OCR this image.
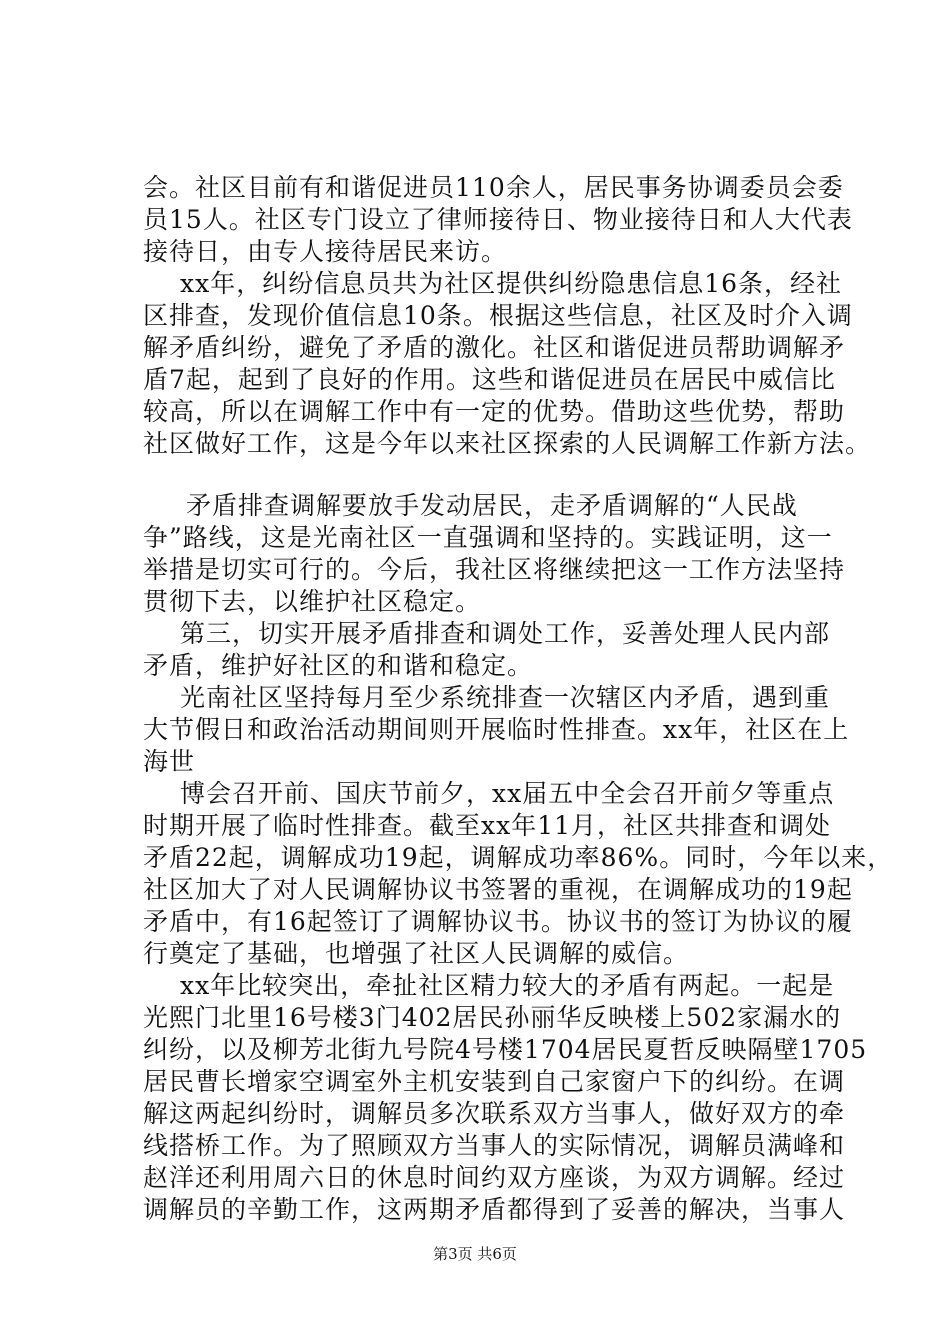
会。社区目前有和谐促进员110余人，居民事务协调委员会委
员15人。社区专门设立了律师接待日、物业接待日和人大代表
接待日，由专人接待居民来访。
xx年，纠纷信息员共为社区提供纠纷隐患信息16条，经社
区排查，发现价值信息10条。根据这些信息，社区及时介入调
解矛盾纠纷，避免了矛盾的激化。社区和谐促进员帮助调解矛
盾7起，起到了良好的作用。这些和谐促进员在居民中威信比
较高，所以在调解工作中有一定的优势。借助这些优势，帮助
社区做好工作，这是今年以来社区探索的人民调解工作新方法。
矛盾排查调解要放手发动居民，走矛盾调解的“人民战
争”路线，这是光南社区一直强调和坚持的。实践证明，这一
举措是切实可行的。今后，我社区将继续把这一工作方法坚持
贯彻下去，以维护社区稳定。
第三，切实开展矛盾排查和调处工作，妥善处理人民内部
矛盾，维护好社区的和谐和稳定。
光南社区坚持每月至少系统排查一次辖区内矛盾，遇到重
大节假日和政治活动期间则开展临时性排查。xx年，社区在上
海世
博会召开前、国庆节前夕，xx届五中全会召开前夕等重点
时期开展了临时性排查。截至xx年11月，社区共排查和调处
矛盾22起，调解成功19起，调解成功率86%。同时，今年以来，
社区加大了对人民调解协议书签署的重视，在调解成功的19起
矛盾中，有16起签订了调解协议书。协议书的签订为协议的履
行奠定了基础，也增强了社区人民调解的威信。
xx年比较突出，牵扯社区精力较大的矛盾有两起。一起是
光熙门北里16号楼3门402居民孙丽华反映楼上502家漏水的
纠纷，以及柳芳北街九号院4号楼1704居民夏哲反映隔壁1705
居民曹长增家空调室外主机安装到自己家窗户下的纠纷。在调
解这两起纠纷时，调解员多次联系双方当事人，做好双方的牵
线搭桥工作。为了照顾双方当事人的实际情况，调解员满峰和
赵洋还利用周六日的休息时间约双方座谈，为双方调解。经过
调解员的辛勤工作，这两期矛盾都得到了妥善的解决，当事人
第3页 共6页
